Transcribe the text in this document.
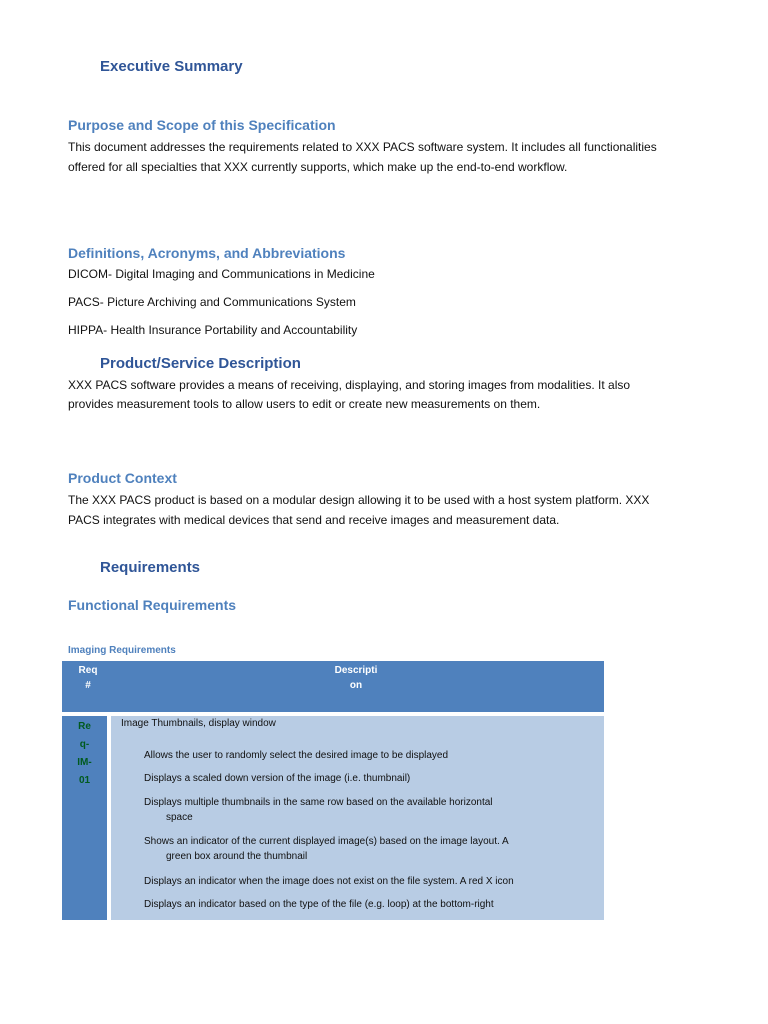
Executive Summary
Purpose and Scope of this Specification
This document addresses the requirements related to XXX PACS software system. It includes all functionalities
offered for all specialties that XXX currently supports, which make up the end-to-end workflow.
Definitions, Acronyms, and Abbreviations
DICOM- Digital Imaging and Communications in Medicine
PACS- Picture Archiving and Communications System
HIPPA- Health Insurance Portability and Accountability
Product/Service Description
XXX PACS software provides a means of receiving, displaying, and storing images from modalities. It also
provides measurement tools to allow users to edit or create new measurements on them.
Product Context
The XXX PACS product is based on a modular design allowing it to be used with a host system platform. XXX
PACS integrates with medical devices that send and receive images and measurement data.
Requirements
Functional Requirements
Imaging Requirements
Req
#
Descripti
on
Re
q-
IM-
01
Image Thumbnails, display window
Allows the user to randomly select the desired image to be displayed
Displays a scaled down version of the image (i.e. thumbnail)
Displays multiple thumbnails in the same row based on the available horizontal
space
Shows an indicator of the current displayed image(s) based on the image layout. A
green box around the thumbnail
Displays an indicator when the image does not exist on the file system. A red X icon
Displays an indicator based on the type of the file (e.g. loop) at the bottom-right
